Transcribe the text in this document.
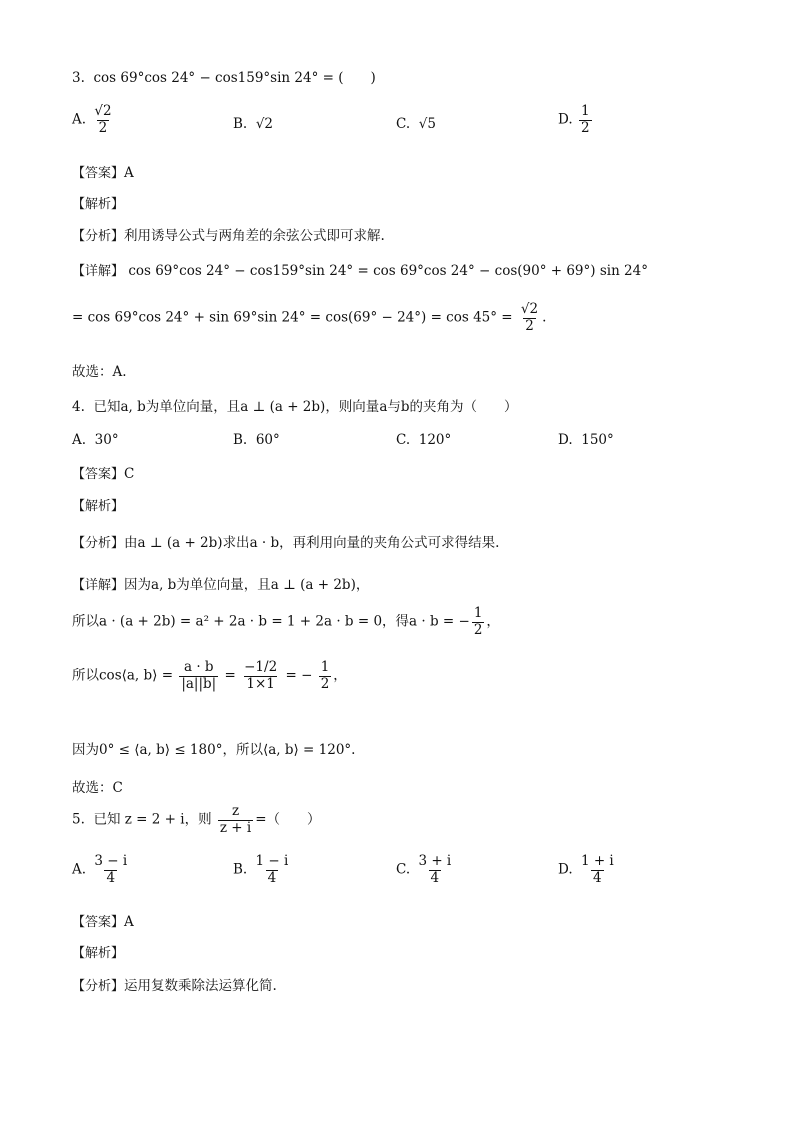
3. cos 69°cos 24° − cos159°sin 24° = (　　)
A. $\frac{√2}{2}$	B. √2	C. √5	D. $\frac{1}{2}$
【答案】A
【解析】
【分析】利用诱导公式与两角差的余弦公式即可求解.
【详解】 cos 69°cos 24° − cos159°sin 24° = cos 69°cos 24° − cos(90° + 69°) sin 24°
= cos 69°cos 24° + sin 69°sin $24^\circ = \cos(69^\circ - 24^\circ) = \cos 45^\circ = \frac{√2}{2}$ .
故选：A.
4. 已知a, b为单位向量，且a ⊥ (a + 2b)，则向量a与b的夹角为（　　）
A. 30°	B. 60°	C. 120°	D. 150°
【答案】C
【解析】
【分析】由a ⊥ (a + 2b)求出a · b，再利用向量的夹角公式可求得结果.
【详解】因为a, b为单位向量，且a ⊥ (a + 2b)，
所以a · (a + 2b) = a² + 2a · b = 1 + 2a · b = 0，得a · b = − $\frac{1}{2}$ ，
所以cos⟨a, b⟩ = $\frac{a \cdot b}{|a||b|} = \frac{-1/2}{1\times 1}$ = − $\frac{1}{2}$ ，
因为0° ≤ ⟨a, b⟩ ≤ 180°，所以⟨a, b⟩ = 120°.
故选：C
5. 已知 z = 2 + i，则 $\frac{z}{z + i}$ =（　　）
A. $\frac{3 - i}{4}$	B. $\frac{1 - i}{4}$	C. $\frac{3 + i}{4}$	D. $\frac{1 + i}{4}$
【答案】A
【解析】
【分析】运用复数乘除法运算化简.
